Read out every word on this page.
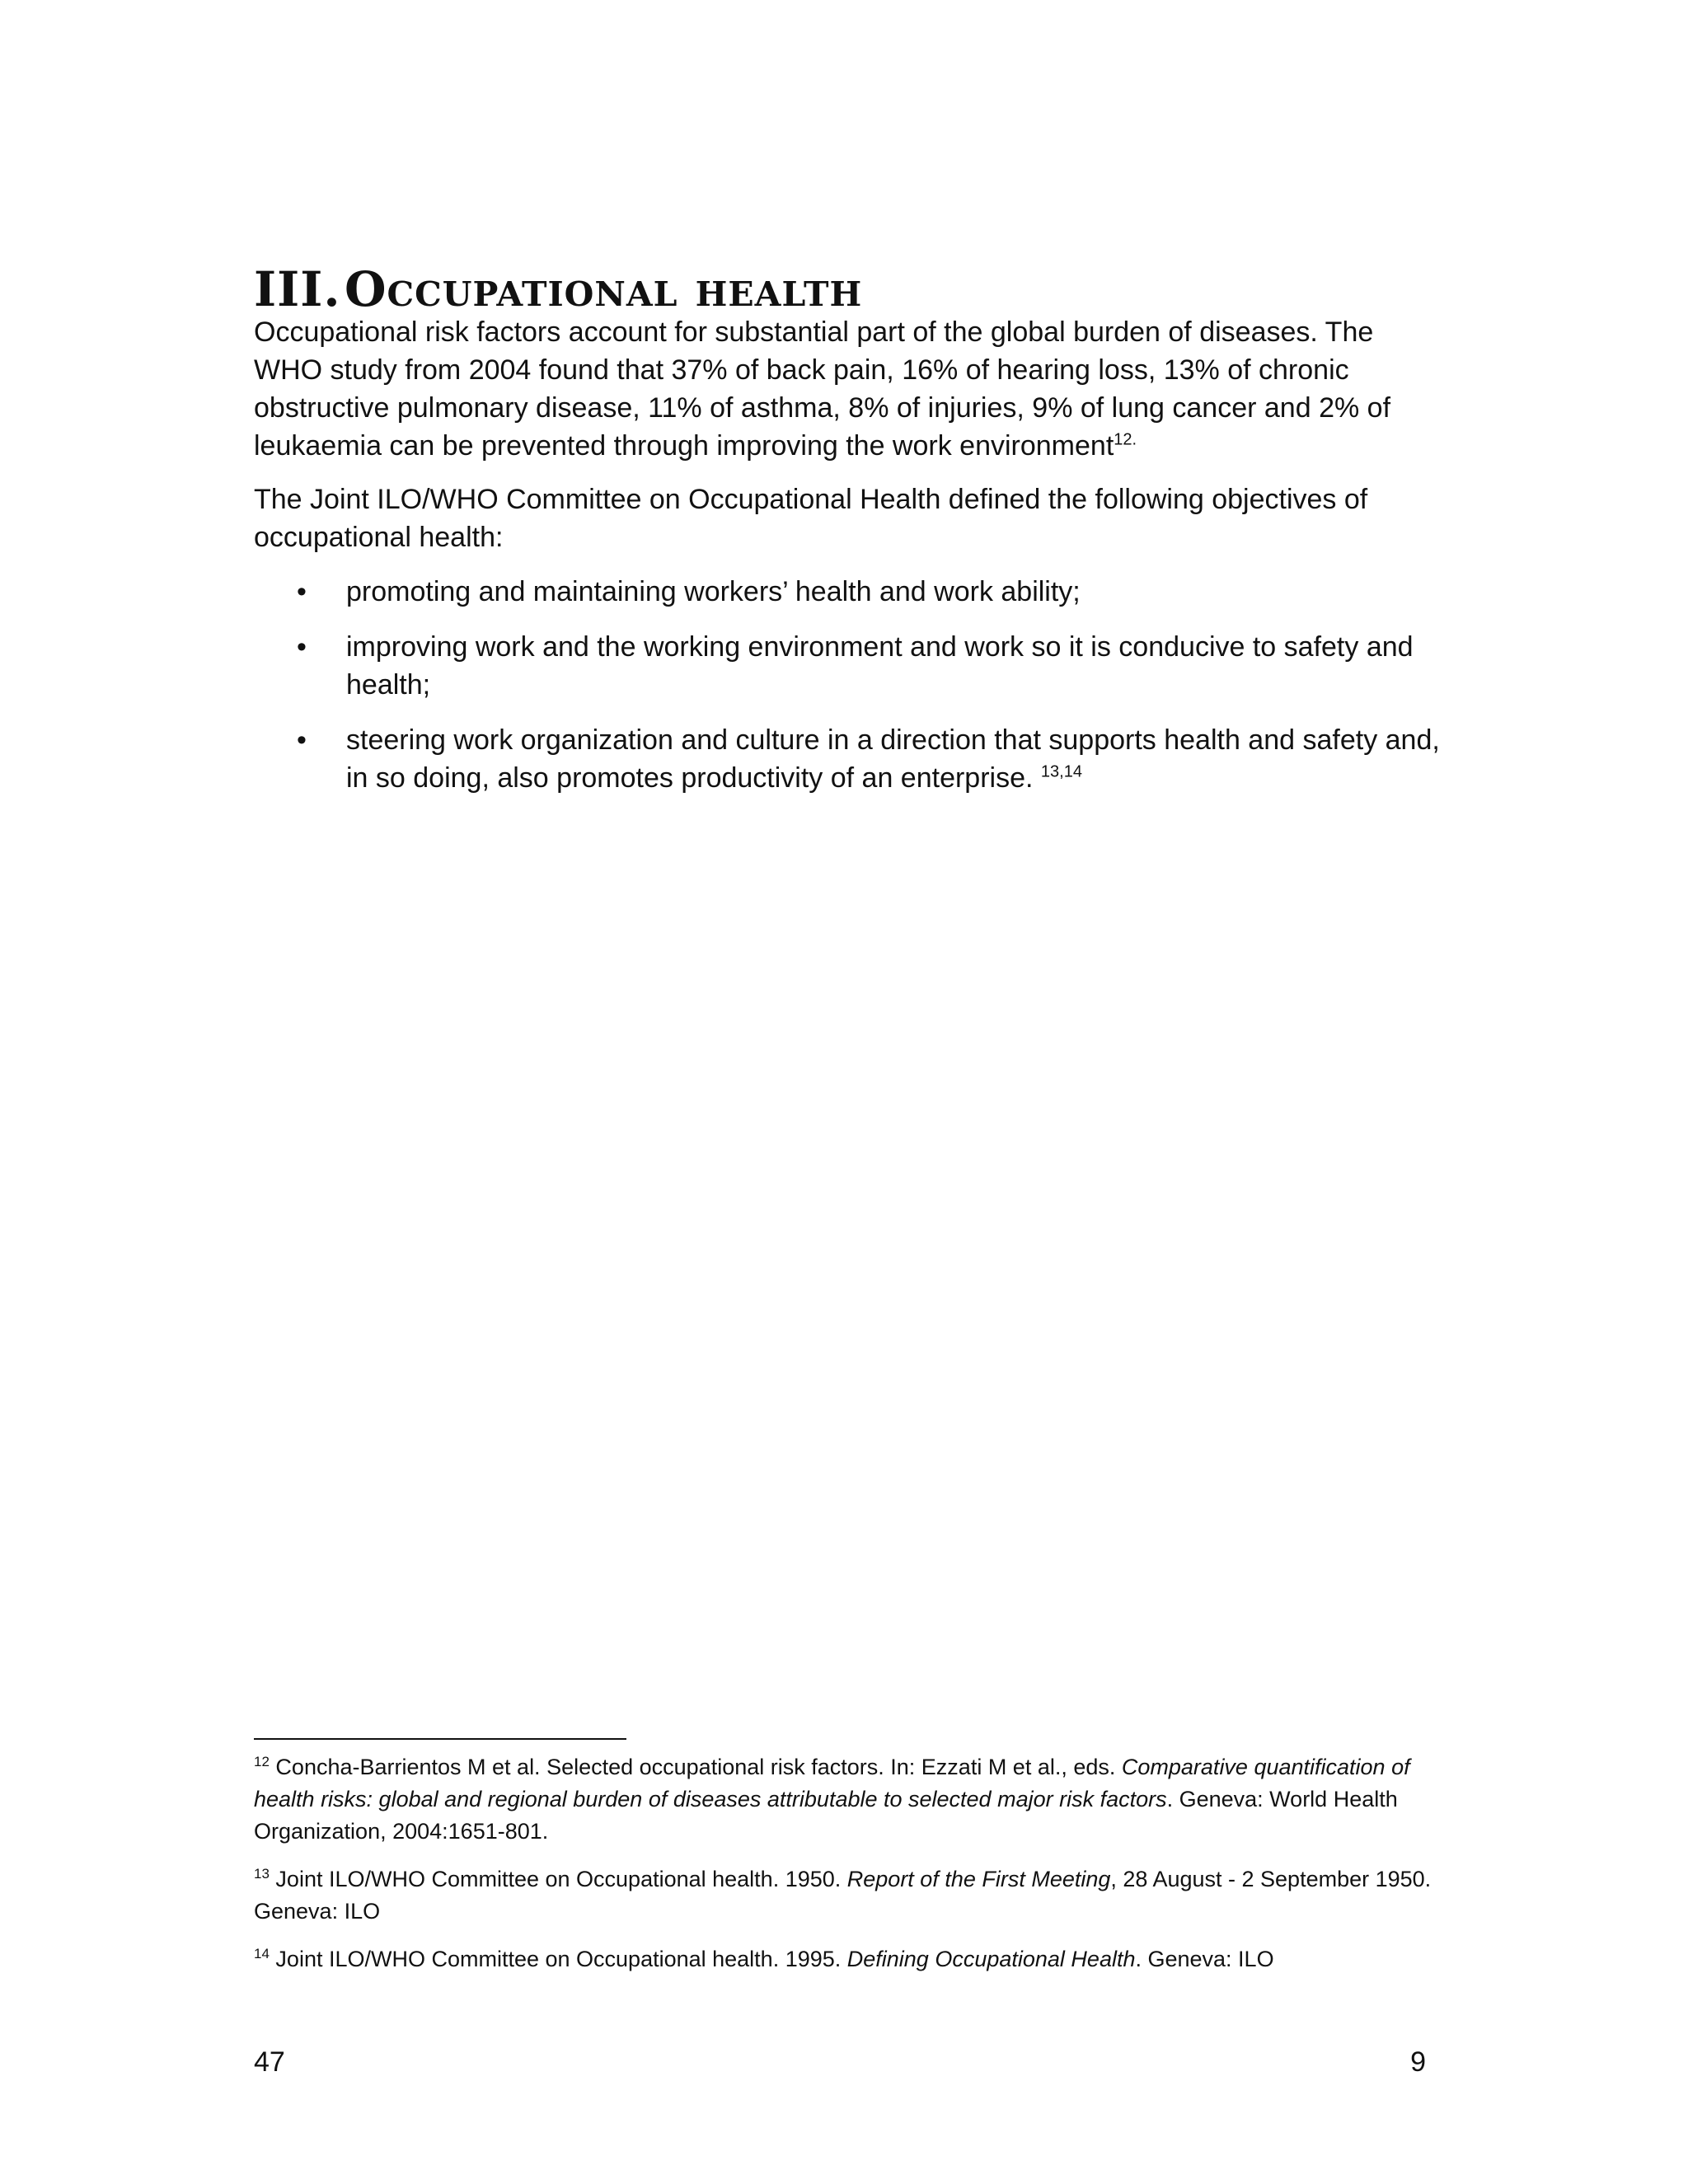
III.Occupational health

Occupational risk factors account for substantial part of the global burden of diseases. The WHO study from 2004 found that 37% of back pain, 16% of hearing loss, 13% of chronic obstructive pulmonary disease, 11% of asthma, 8% of injuries, 9% of lung cancer and 2% of leukaemia can be prevented through improving the work environment$^{12.}$

The Joint ILO/WHO Committee on Occupational Health defined the following objectives of occupational health:

• promoting and maintaining workers’ health and work ability;
• improving work and the working environment and work so it is conducive to safety and health;
• steering work organization and culture in a direction that supports health and safety and, in so doing, also promotes productivity of an enterprise. $^{13,14}$

$^{12}$ Concha-Barrientos M et al. Selected occupational risk factors. In: Ezzati M et al., eds. Comparative quantification of health risks: global and regional burden of diseases attributable to selected major risk factors. Geneva: World Health Organization, 2004:1651-801.

$^{13}$ Joint ILO/WHO Committee on Occupational health. 1950. Report of the First Meeting, 28 August - 2 September 1950. Geneva: ILO

$^{14}$ Joint ILO/WHO Committee on Occupational health. 1995. Defining Occupational Health. Geneva: ILO

47	9
